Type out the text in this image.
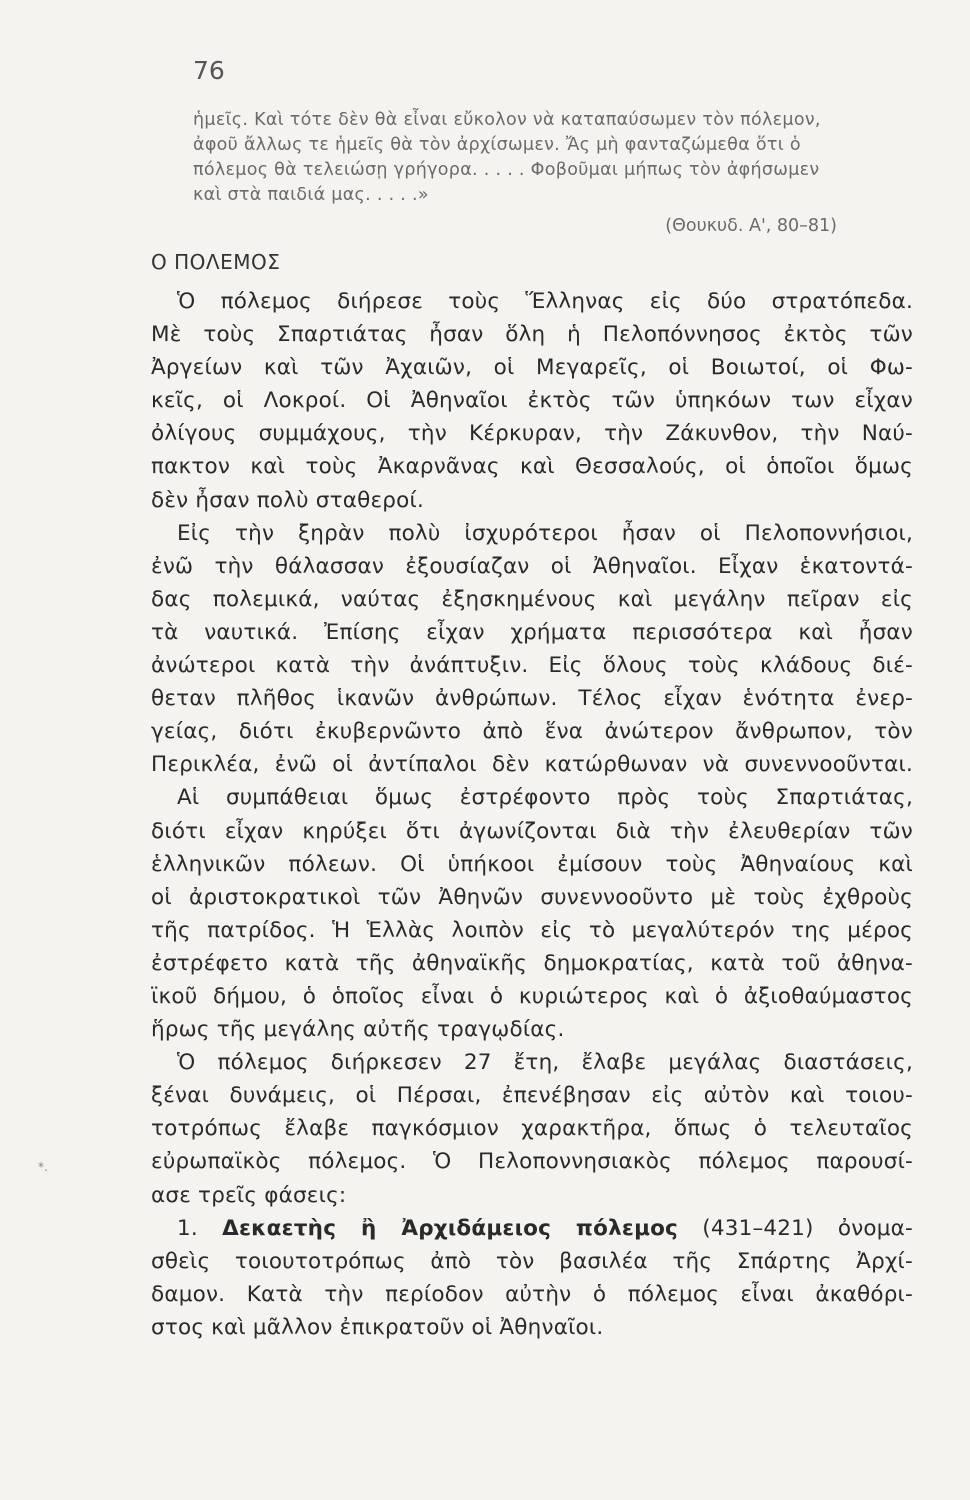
76
ἡμεῖς. Καὶ τότε δὲν θὰ εἶναι εὔκολον νὰ καταπαύσωμεν τὸν πόλεμον,
ἀφοῦ ἄλλως τε ἡμεῖς θὰ τὸν ἀρχίσωμεν. Ἄς μὴ φανταζώμεθα ὅτι ὁ
πόλεμος θὰ τελειώσῃ γρήγορα. . . . . Φοβοῦμαι μήπως τὸν ἀφήσωμεν
καὶ στὰ παιδιά μας. . . . .»
(Θουκυδ. Α', 80–81)
Ο ΠΟΛΕΜΟΣ
Ὁ πόλεμος διήρεσε τοὺς Ἕλληνας εἰς δύο στρατόπεδα.
Μὲ τοὺς Σπαρτιάτας ἦσαν ὅλη ἡ Πελοπόννησος ἐκτὸς τῶν
Ἀργείων καὶ τῶν Ἀχαιῶν, οἱ Μεγαρεῖς, οἱ Βοιωτοί, οἱ Φω-
κεῖς, οἱ Λοκροί. Οἱ Ἀθηναῖοι ἐκτὸς τῶν ὑπηκόων των εἶχαν
ὀλίγους συμμάχους, τὴν Κέρκυραν, τὴν Ζάκυνθον, τὴν Ναύ-
πακτον καὶ τοὺς Ἀκαρνᾶνας καὶ Θεσσαλούς, οἱ ὁποῖοι ὅμως
δὲν ἦσαν πολὺ σταθεροί.
Εἰς τὴν ξηρὰν πολὺ ἰσχυρότεροι ἦσαν οἱ Πελοποννήσιοι,
ἐνῶ τὴν θάλασσαν ἐξουσίαζαν οἱ Ἀθηναῖοι. Εἶχαν ἑκατοντά-
δας πολεμικά, ναύτας ἐξησκημένους καὶ μεγάλην πεῖραν εἰς
τὰ ναυτικά. Ἐπίσης εἶχαν χρήματα περισσότερα καὶ ἦσαν
ἀνώτεροι κατὰ τὴν ἀνάπτυξιν. Εἰς ὅλους τοὺς κλάδους διέ-
θεταν πλῆθος ἱκανῶν ἀνθρώπων. Τέλος εἶχαν ἑνότητα ἐνερ-
γείας, διότι ἐκυβερνῶντο ἀπὸ ἕνα ἀνώτερον ἄνθρωπον, τὸν
Περικλέα, ἐνῶ οἱ ἀντίπαλοι δὲν κατώρθωναν νὰ συνεννοοῦνται.
Αἱ συμπάθειαι ὅμως ἐστρέφοντο πρὸς τοὺς Σπαρτιάτας,
διότι εἶχαν κηρύξει ὅτι ἀγωνίζονται διὰ τὴν ἐλευθερίαν τῶν
ἑλληνικῶν πόλεων. Οἱ ὑπήκοοι ἐμίσουν τοὺς Ἀθηναίους καὶ
οἱ ἀριστοκρατικοὶ τῶν Ἀθηνῶν συνεννοοῦντο μὲ τοὺς ἐχθροὺς
τῆς πατρίδος. Ἡ Ἑλλὰς λοιπὸν εἰς τὸ μεγαλύτερόν της μέρος
ἐστρέφετο κατὰ τῆς ἀθηναϊκῆς δημοκρατίας, κατὰ τοῦ ἀθηνα-
ϊκοῦ δήμου, ὁ ὁποῖος εἶναι ὁ κυριώτερος καὶ ὁ ἀξιοθαύμαστος
ἥρως τῆς μεγάλης αὐτῆς τραγῳδίας.
Ὁ πόλεμος διήρκεσεν 27 ἔτη, ἔλαβε μεγάλας διαστάσεις,
ξέναι δυνάμεις, οἱ Πέρσαι, ἐπενέβησαν εἰς αὐτὸν καὶ τοιου-
τοτρόπως ἔλαβε παγκόσμιον χαρακτῆρα, ὅπως ὁ τελευταῖος
εὐρωπαϊκὸς πόλεμος. Ὁ Πελοποννησιακὸς πόλεμος παρουσί-
ασε τρεῖς φάσεις:
1. Δεκαετὴς ἢ Ἀρχιδάμειος πόλεμος (431–421) ὀνομα-
σθεὶς τοιουτοτρόπως ἀπὸ τὸν βασιλέα τῆς Σπάρτης Ἀρχί-
δαμον. Κατὰ τὴν περίοδον αὐτὴν ὁ πόλεμος εἶναι ἀκαθόρι-
στος καὶ μᾶλλον ἐπικρατοῦν οἱ Ἀθηναῖοι.
*.
